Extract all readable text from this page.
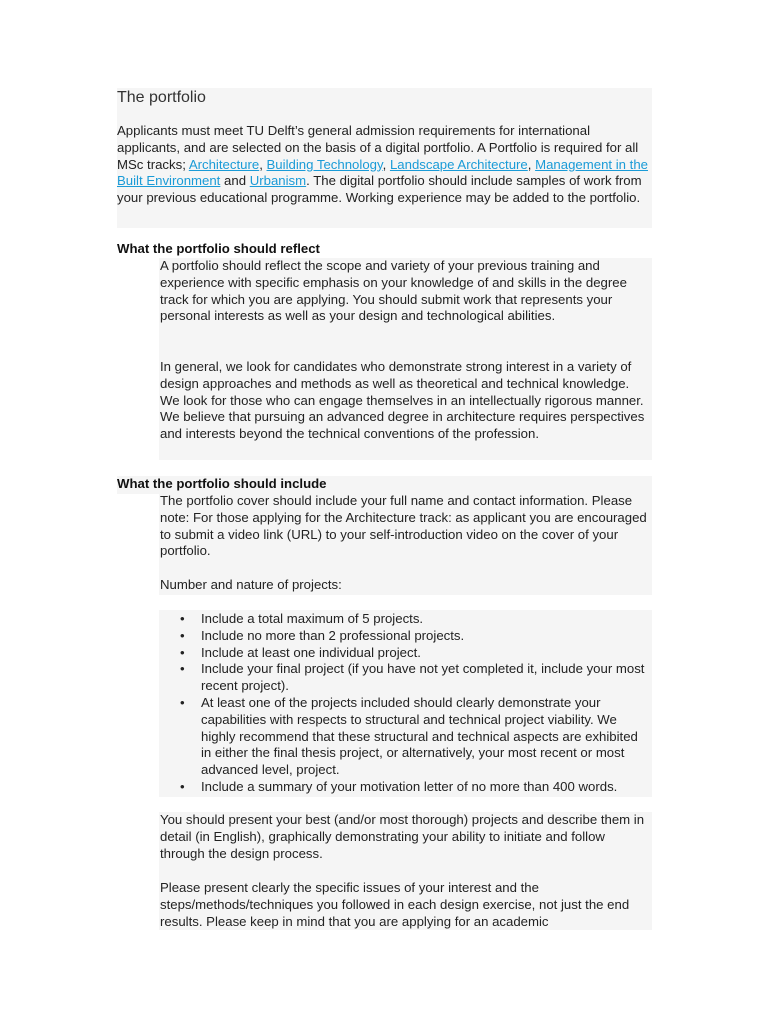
The portfolio

Applicants must meet TU Delft’s general admission requirements for international applicants, and are selected on the basis of a digital portfolio. A Portfolio is required for all MSc tracks; Architecture, Building Technology, Landscape Architecture, Management in the Built Environment and Urbanism. The digital portfolio should include samples of work from your previous educational programme. Working experience may be added to the portfolio.

What the portfolio should reflect

A portfolio should reflect the scope and variety of your previous training and experience with specific emphasis on your knowledge of and skills in the degree track for which you are applying. You should submit work that represents your personal interests as well as your design and technological abilities.

In general, we look for candidates who demonstrate strong interest in a variety of design approaches and methods as well as theoretical and technical knowledge. We look for those who can engage themselves in an intellectually rigorous manner. We believe that pursuing an advanced degree in architecture requires perspectives and interests beyond the technical conventions of the profession.

What the portfolio should include

The portfolio cover should include your full name and contact information. Please note: For those applying for the Architecture track: as applicant you are encouraged to submit a video link (URL) to your self-introduction video on the cover of your portfolio.

Number and nature of projects:

• Include a total maximum of 5 projects.
• Include no more than 2 professional projects.
• Include at least one individual project.
• Include your final project (if you have not yet completed it, include your most recent project).
• At least one of the projects included should clearly demonstrate your capabilities with respects to structural and technical project viability. We highly recommend that these structural and technical aspects are exhibited in either the final thesis project, or alternatively, your most recent or most advanced level, project.
• Include a summary of your motivation letter of no more than 400 words.

You should present your best (and/or most thorough) projects and describe them in detail (in English), graphically demonstrating your ability to initiate and follow through the design process.

Please present clearly the specific issues of your interest and the steps/methods/techniques you followed in each design exercise, not just the end results. Please keep in mind that you are applying for an academic
